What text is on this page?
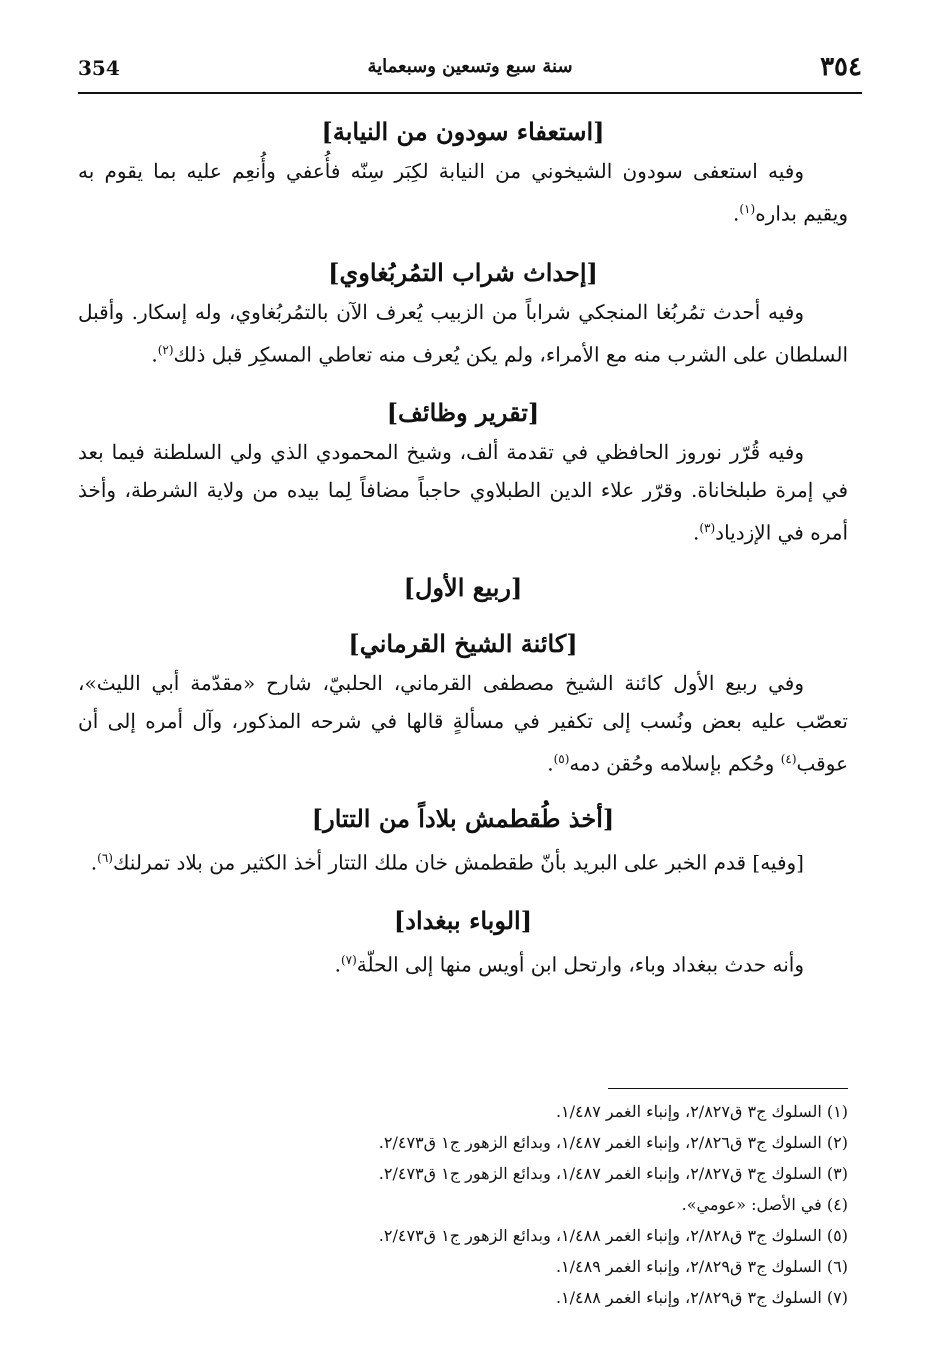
354	سنة سبع وتسعين وسبعماية	٣٥٤
[استعفاء سودون من النيابة]

وفيه استعفى سودون الشيخوني من النيابة لكِبَر سِنّه فأُعفي وأُنعِم عليه بما يقوم به ويقيم بداره$^{(١)}$.

[إحداث شراب التمُربُغاوي]

وفيه أحدث تمُربُغا المنجكي شراباً من الزبيب يُعرف الآن بالتمُربُغاوي، وله إسكار. وأقبل السلطان على الشرب منه مع الأمراء، ولم يكن يُعرف منه تعاطي المسكِر قبل ذلك$^{(٢)}$.

[تقرير وظائف]

وفيه قُرّر نوروز الحافظي في تقدمة ألف، وشيخ المحمودي الذي ولي السلطنة فيما بعد في إمرة طبلخاناة. وقرّر علاء الدين الطبلاوي حاجباً مضافاً لِما بيده من ولاية الشرطة، وأخذ أمره في الإزدياد$^{(٣)}$.

[ربيع الأول]
[كائنة الشيخ القرماني]

وفي ربيع الأول كائنة الشيخ مصطفى القرماني، الحلبيّ، شارح «مقدّمة أبي الليث»، تعصّب عليه بعض ونُسب إلى تكفير في مسألةٍ قالها في شرحه المذكور، وآل أمره إلى أن عوقب$^{(٤)}$ وحُكم بإسلامه وحُقن دمه$^{(٥)}$.

[أخذ طُقطمش بلاداً من التتار]

[وفيه] قدم الخبر على البريد بأنّ طقطمش خان ملك التتار أخذ الكثير من بلاد تمرلنك$^{(٦)}$.

[الوباء ببغداد]

وأنه حدث ببغداد وباء، وارتحل ابن أويس منها إلى الحلّة$^{(٧)}$.

(١) السلوك ج٣ ق٢/٨٢٧، وإنباء الغمر ١/٤٨٧.

(٢) السلوك ج٣ ق٢/٨٢٦، وإنباء الغمر ١/٤٨٧، وبدائع الزهور ج١ ق٢/٤٧٣.

(٣) السلوك ج٣ ق٢/٨٢٧، وإنباء الغمر ١/٤٨٧، وبدائع الزهور ج١ ق٢/٤٧٣.

(٤) في الأصل: «عومي».

(٥) السلوك ج٣ ق٢/٨٢٨، وإنباء الغمر ١/٤٨٨، وبدائع الزهور ج١ ق٢/٤٧٣.

(٦) السلوك ج٣ ق٢/٨٢٩، وإنباء الغمر ١/٤٨٩.

(٧) السلوك ج٣ ق٢/٨٢٩، وإنباء الغمر ١/٤٨٨.
